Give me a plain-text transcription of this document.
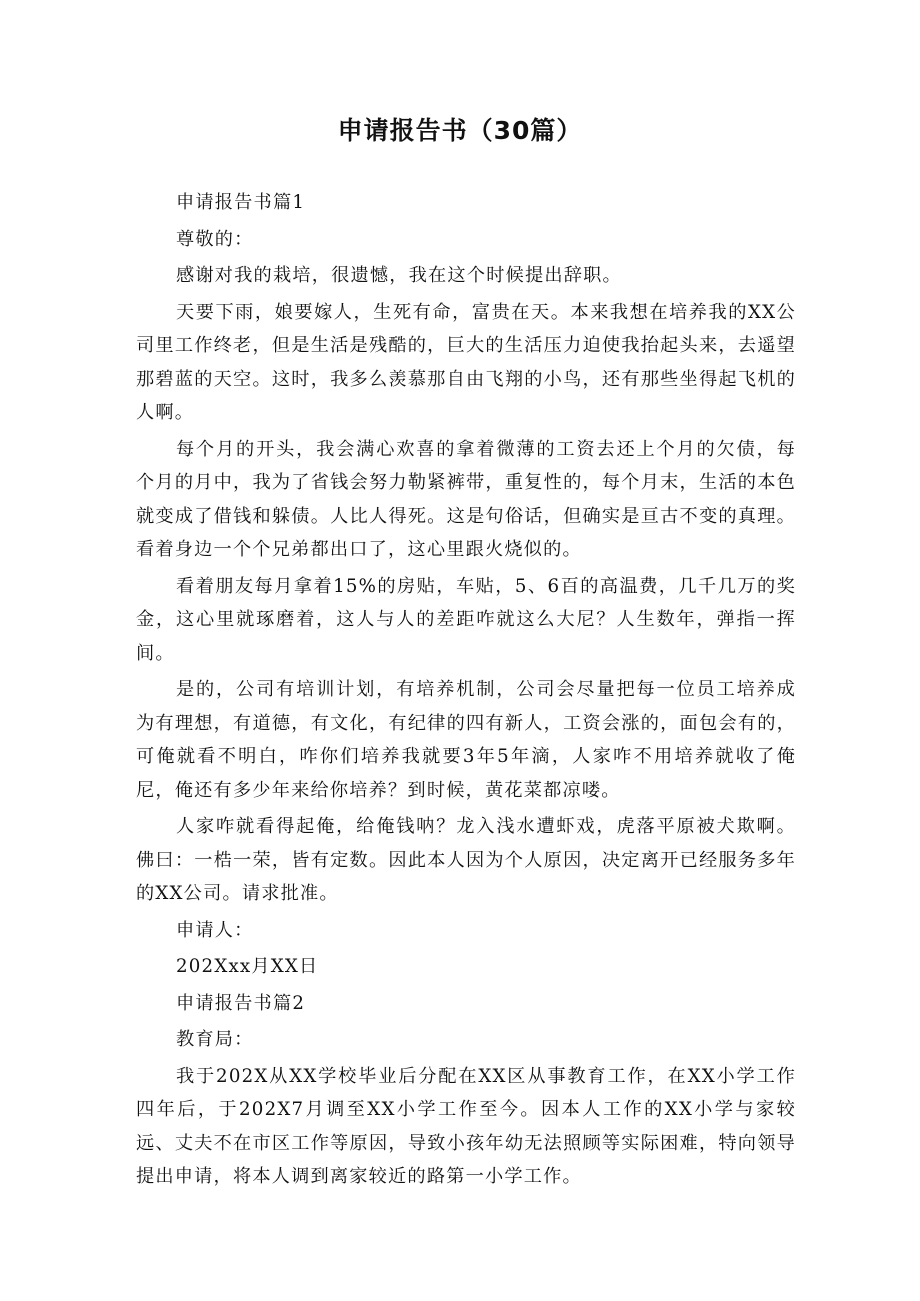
申请报告书（30篇）

申请报告书篇1

尊敬的：

感谢对我的栽培，很遗憾，我在这个时候提出辞职。

天要下雨，娘要嫁人，生死有命，富贵在天。本来我想在培养我的XX公司里工作终老，但是生活是残酷的，巨大的生活压力迫使我抬起头来，去遥望那碧蓝的天空。这时，我多么羡慕那自由飞翔的小鸟，还有那些坐得起飞机的人啊。

每个月的开头，我会满心欢喜的拿着微薄的工资去还上个月的欠债，每个月的月中，我为了省钱会努力勒紧裤带，重复性的，每个月末，生活的本色就变成了借钱和躲债。人比人得死。这是句俗话，但确实是亘古不变的真理。看着身边一个个兄弟都出口了，这心里跟火烧似的。

看着朋友每月拿着15%的房贴，车贴，5、6百的高温费，几千几万的奖金，这心里就琢磨着，这人与人的差距咋就这么大尼？人生数年，弹指一挥间。

是的，公司有培训计划，有培养机制，公司会尽量把每一位员工培养成为有理想，有道德，有文化，有纪律的四有新人，工资会涨的，面包会有的，可俺就看不明白，咋你们培养我就要3年5年滴，人家咋不用培养就收了俺尼，俺还有多少年来给你培养？到时候，黄花菜都凉喽。

人家咋就看得起俺，给俺钱呐？龙入浅水遭虾戏，虎落平原被犬欺啊。佛曰：一梏一荣，皆有定数。因此本人因为个人原因，决定离开已经服务多年的XX公司。请求批准。

申请人：

202Xxx月XX日

申请报告书篇2

教育局：

我于202X从XX学校毕业后分配在XX区从事教育工作，在XX小学工作四年后，于202X7月调至XX小学工作至今。因本人工作的XX小学与家较远、丈夫不在市区工作等原因，导致小孩年幼无法照顾等实际困难，特向领导提出申请，将本人调到离家较近的路第一小学工作。
